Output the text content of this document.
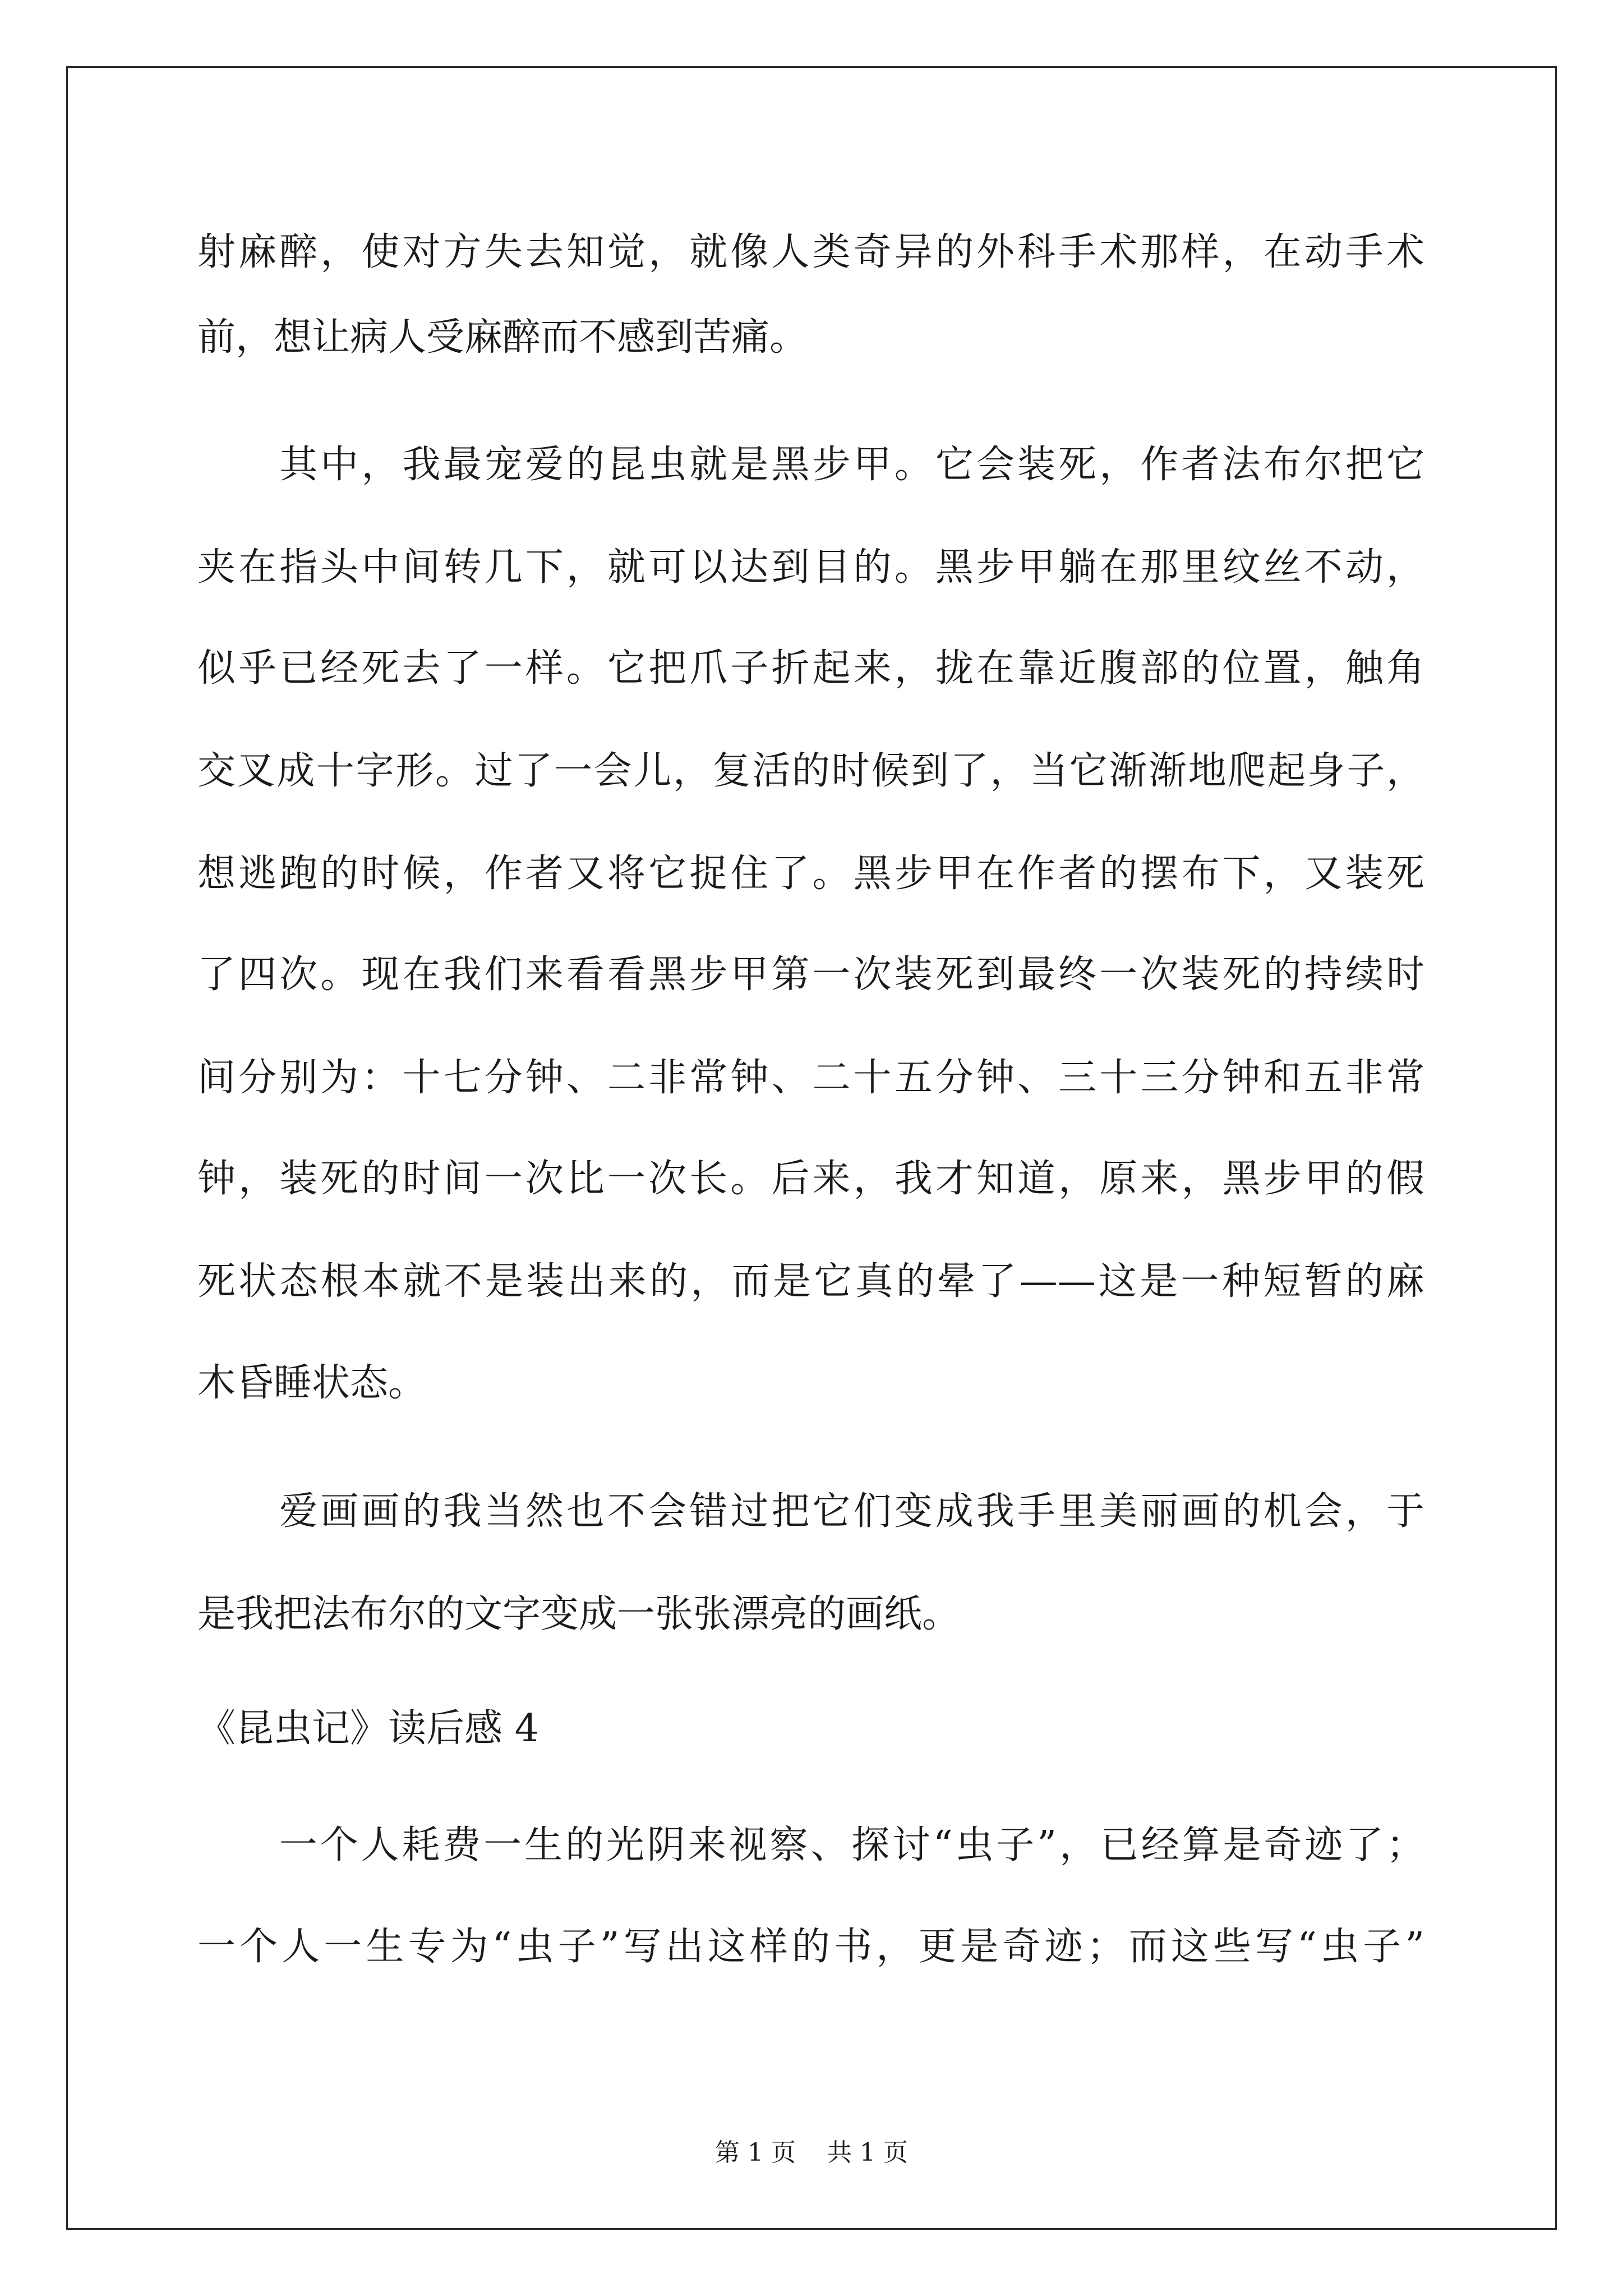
射麻醉，使对方失去知觉，就像人类奇异的外科手术那样，在动手术

前，想让病人受麻醉而不感到苦痛。

　　其中，我最宠爱的昆虫就是黑步甲。它会装死，作者法布尔把它

夹在指头中间转几下，就可以达到目的。黑步甲躺在那里纹丝不动，

似乎已经死去了一样。它把爪子折起来，拢在靠近腹部的位置，触角

交叉成十字形。过了一会儿，复活的时候到了，当它渐渐地爬起身子，

想逃跑的时候，作者又将它捉住了。黑步甲在作者的摆布下，又装死

了四次。现在我们来看看黑步甲第一次装死到最终一次装死的持续时

间分别为：十七分钟、二非常钟、二十五分钟、三十三分钟和五非常

钟，装死的时间一次比一次长。后来，我才知道，原来，黑步甲的假

死状态根本就不是装出来的，而是它真的晕了——这是一种短暂的麻

木昏睡状态。

　　爱画画的我当然也不会错过把它们变成我手里美丽画的机会，于

是我把法布尔的文字变成一张张漂亮的画纸。

《昆虫记》读后感 4

　　一个人耗费一生的光阴来视察、探讨“虫子”，已经算是奇迹了；

一个人一生专为“虫子”写出这样的书，更是奇迹；而这些写“虫子”

第 1 页 共 1 页
